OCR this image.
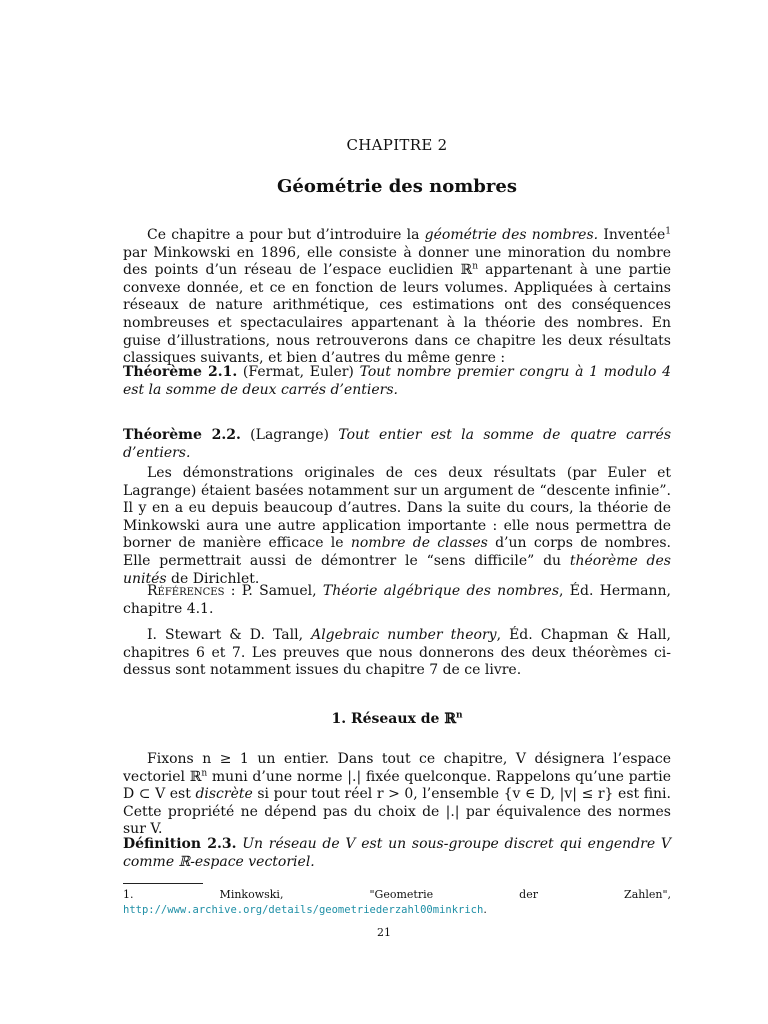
CHAPITRE 2
Géométrie des nombres

Ce chapitre a pour but d’introduire la géométrie des nombres. Inventée$^1$ par Minkowski en 1896, elle consiste à donner une minoration du nombre des points d’un réseau de l’espace euclidien ℝ$^n$ appartenant à une partie convexe donnée, et ce en fonction de leurs volumes. Appliquées à certains réseaux de nature arithmétique, ces estimations ont des conséquences nombreuses et spectaculaires appartenant à la théorie des nombres. En guise d’illustrations, nous retrouverons dans ce chapitre les deux résultats classiques suivants, et bien d’autres du même genre :

Théorème 2.1. (Fermat, Euler) Tout nombre premier congru à 1 modulo 4 est la somme de deux carrés d’entiers.

Théorème 2.2. (Lagrange) Tout entier est la somme de quatre carrés d’entiers.

Les démonstrations originales de ces deux résultats (par Euler et Lagrange) étaient basées notamment sur un argument de “descente infinie”. Il y en a eu depuis beaucoup d’autres. Dans la suite du cours, la théorie de Minkowski aura une autre application importante : elle nous permettra de borner de manière efficace le nombre de classes d’un corps de nombres. Elle permettrait aussi de démontrer le “sens difficile” du théorème des unités de Dirichlet.

Références : P. Samuel, Théorie algébrique des nombres, Éd. Hermann, chapitre 4.1.

I. Stewart & D. Tall, Algebraic number theory, Éd. Chapman & Hall, chapitres 6 et 7. Les preuves que nous donnerons des deux théorèmes ci-dessus sont notamment issues du chapitre 7 de ce livre.

1. Réseaux de ℝ$^n$

Fixons n ≥ 1 un entier. Dans tout ce chapitre, V désignera l’espace vectoriel ℝ$^n$ muni d’une norme |.| fixée quelconque. Rappelons qu’une partie D ⊂ V est discrète si pour tout réel r > 0, l’ensemble {v ∈ D, |v| ≤ r} est fini. Cette propriété ne dépend pas du choix de |.| par équivalence des normes sur V.

Définition 2.3. Un réseau de V est un sous-groupe discret qui engendre V comme ℝ-espace vectoriel.

1. Minkowski, "Geometrie der Zahlen", http://www.archive.org/details/geometriederzahl00minkrich.
21
